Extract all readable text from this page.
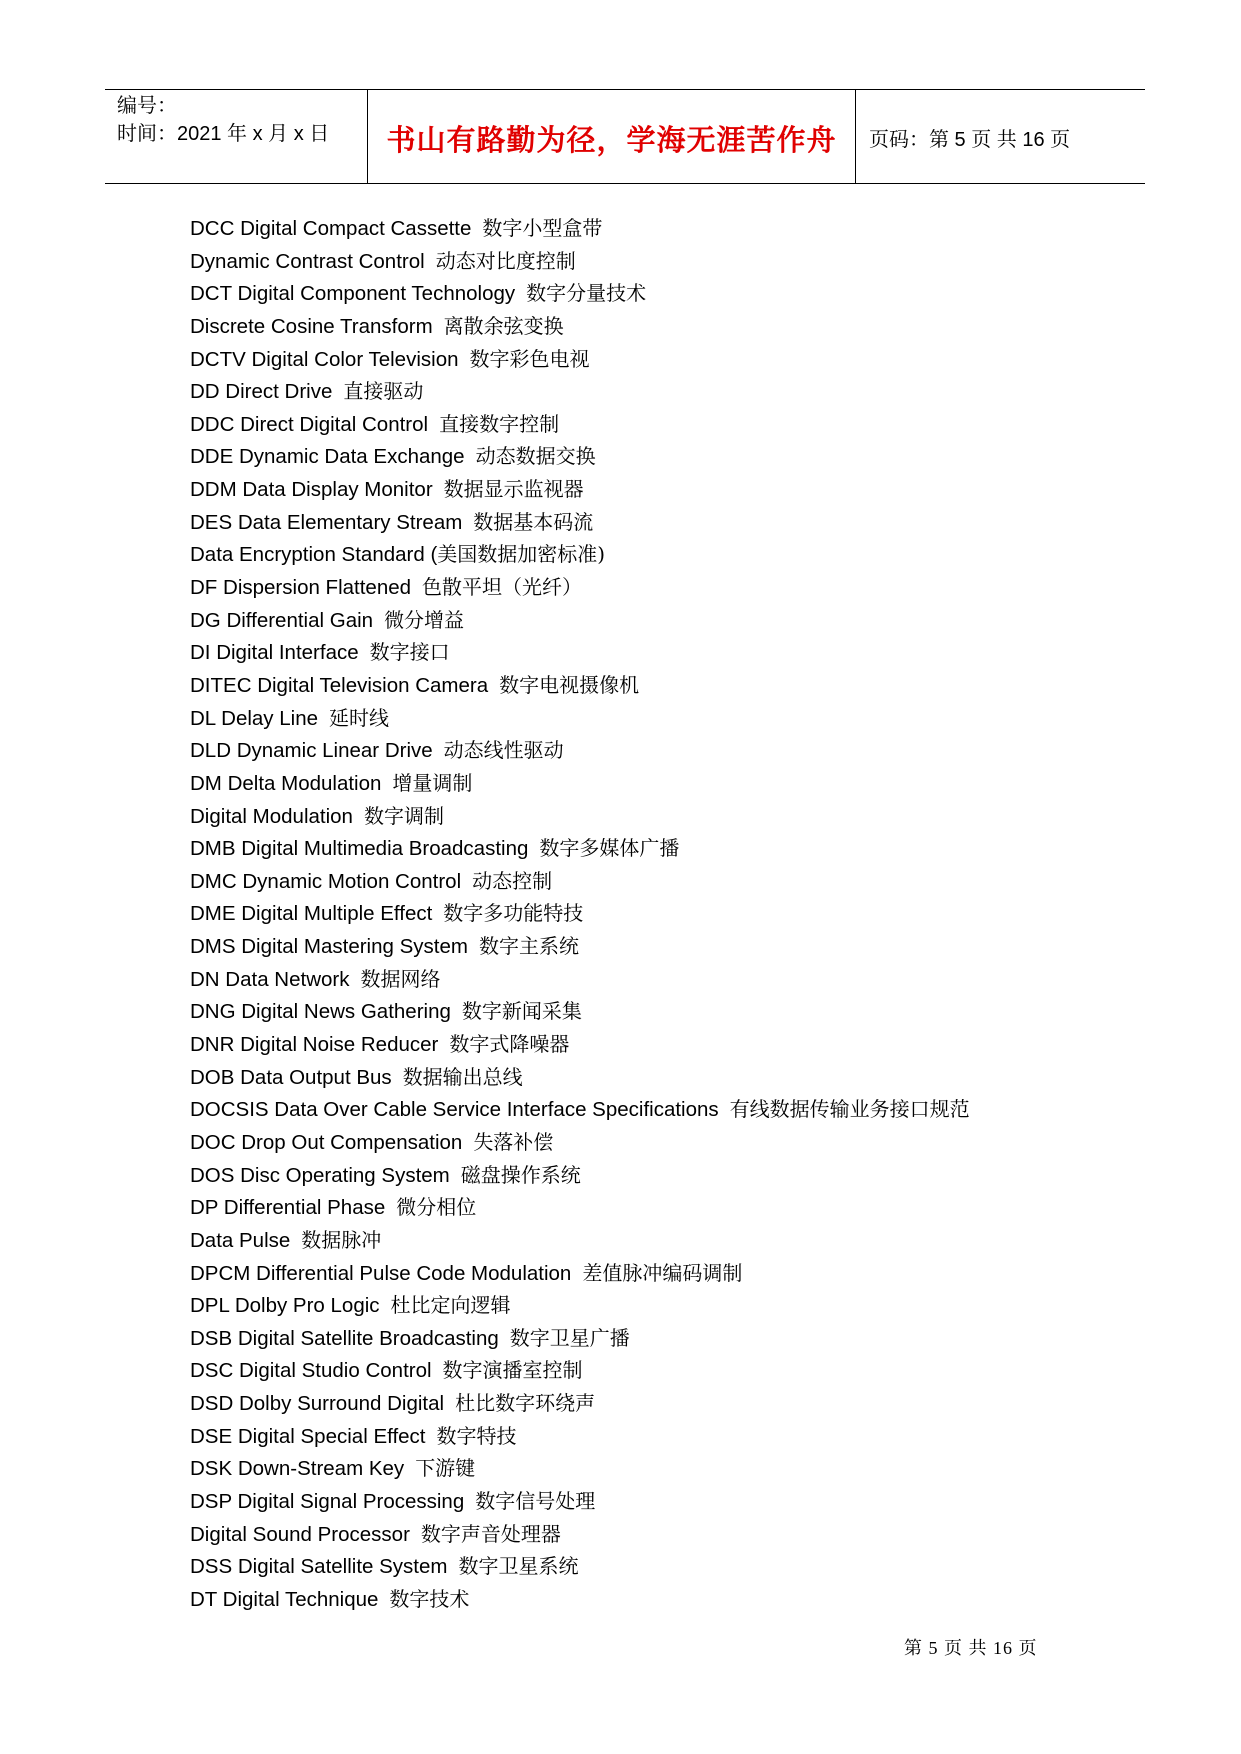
编号：
时间：2021 年 x 月 x 日	书山有路勤为径，学海无涯苦作舟	页码：第 5 页 共 16 页
DCC Digital Compact Cassette 数字小型盒带
Dynamic Contrast Control 动态对比度控制
DCT Digital Component Technology 数字分量技术
Discrete Cosine Transform 离散余弦变换
DCTV Digital Color Television 数字彩色电视
DD Direct Drive 直接驱动
DDC Direct Digital Control 直接数字控制
DDE Dynamic Data Exchange 动态数据交换
DDM Data Display Monitor 数据显示监视器
DES Data Elementary Stream 数据基本码流
Data Encryption Standard (美国数据加密标准)
DF Dispersion Flattened 色散平坦（光纤）
DG Differential Gain 微分增益
DI Digital Interface 数字接口
DITEC Digital Television Camera 数字电视摄像机
DL Delay Line 延时线
DLD Dynamic Linear Drive 动态线性驱动
DM Delta Modulation 增量调制
Digital Modulation 数字调制
DMB Digital Multimedia Broadcasting 数字多媒体广播
DMC Dynamic Motion Control 动态控制
DME Digital Multiple Effect 数字多功能特技
DMS Digital Mastering System 数字主系统
DN Data Network 数据网络
DNG Digital News Gathering 数字新闻采集
DNR Digital Noise Reducer 数字式降噪器
DOB Data Output Bus 数据输出总线
DOCSIS Data Over Cable Service Interface Specifications 有线数据传输业务接口规范
DOC Drop Out Compensation 失落补偿
DOS Disc Operating System 磁盘操作系统
DP Differential Phase 微分相位
Data Pulse 数据脉冲
DPCM Differential Pulse Code Modulation 差值脉冲编码调制
DPL Dolby Pro Logic 杜比定向逻辑
DSB Digital Satellite Broadcasting 数字卫星广播
DSC Digital Studio Control 数字演播室控制
DSD Dolby Surround Digital 杜比数字环绕声
DSE Digital Special Effect 数字特技
DSK Down-Stream Key 下游键
DSP Digital Signal Processing 数字信号处理
Digital Sound Processor 数字声音处理器
DSS Digital Satellite System 数字卫星系统
DT Digital Technique 数字技术
第 5 页 共 16 页
